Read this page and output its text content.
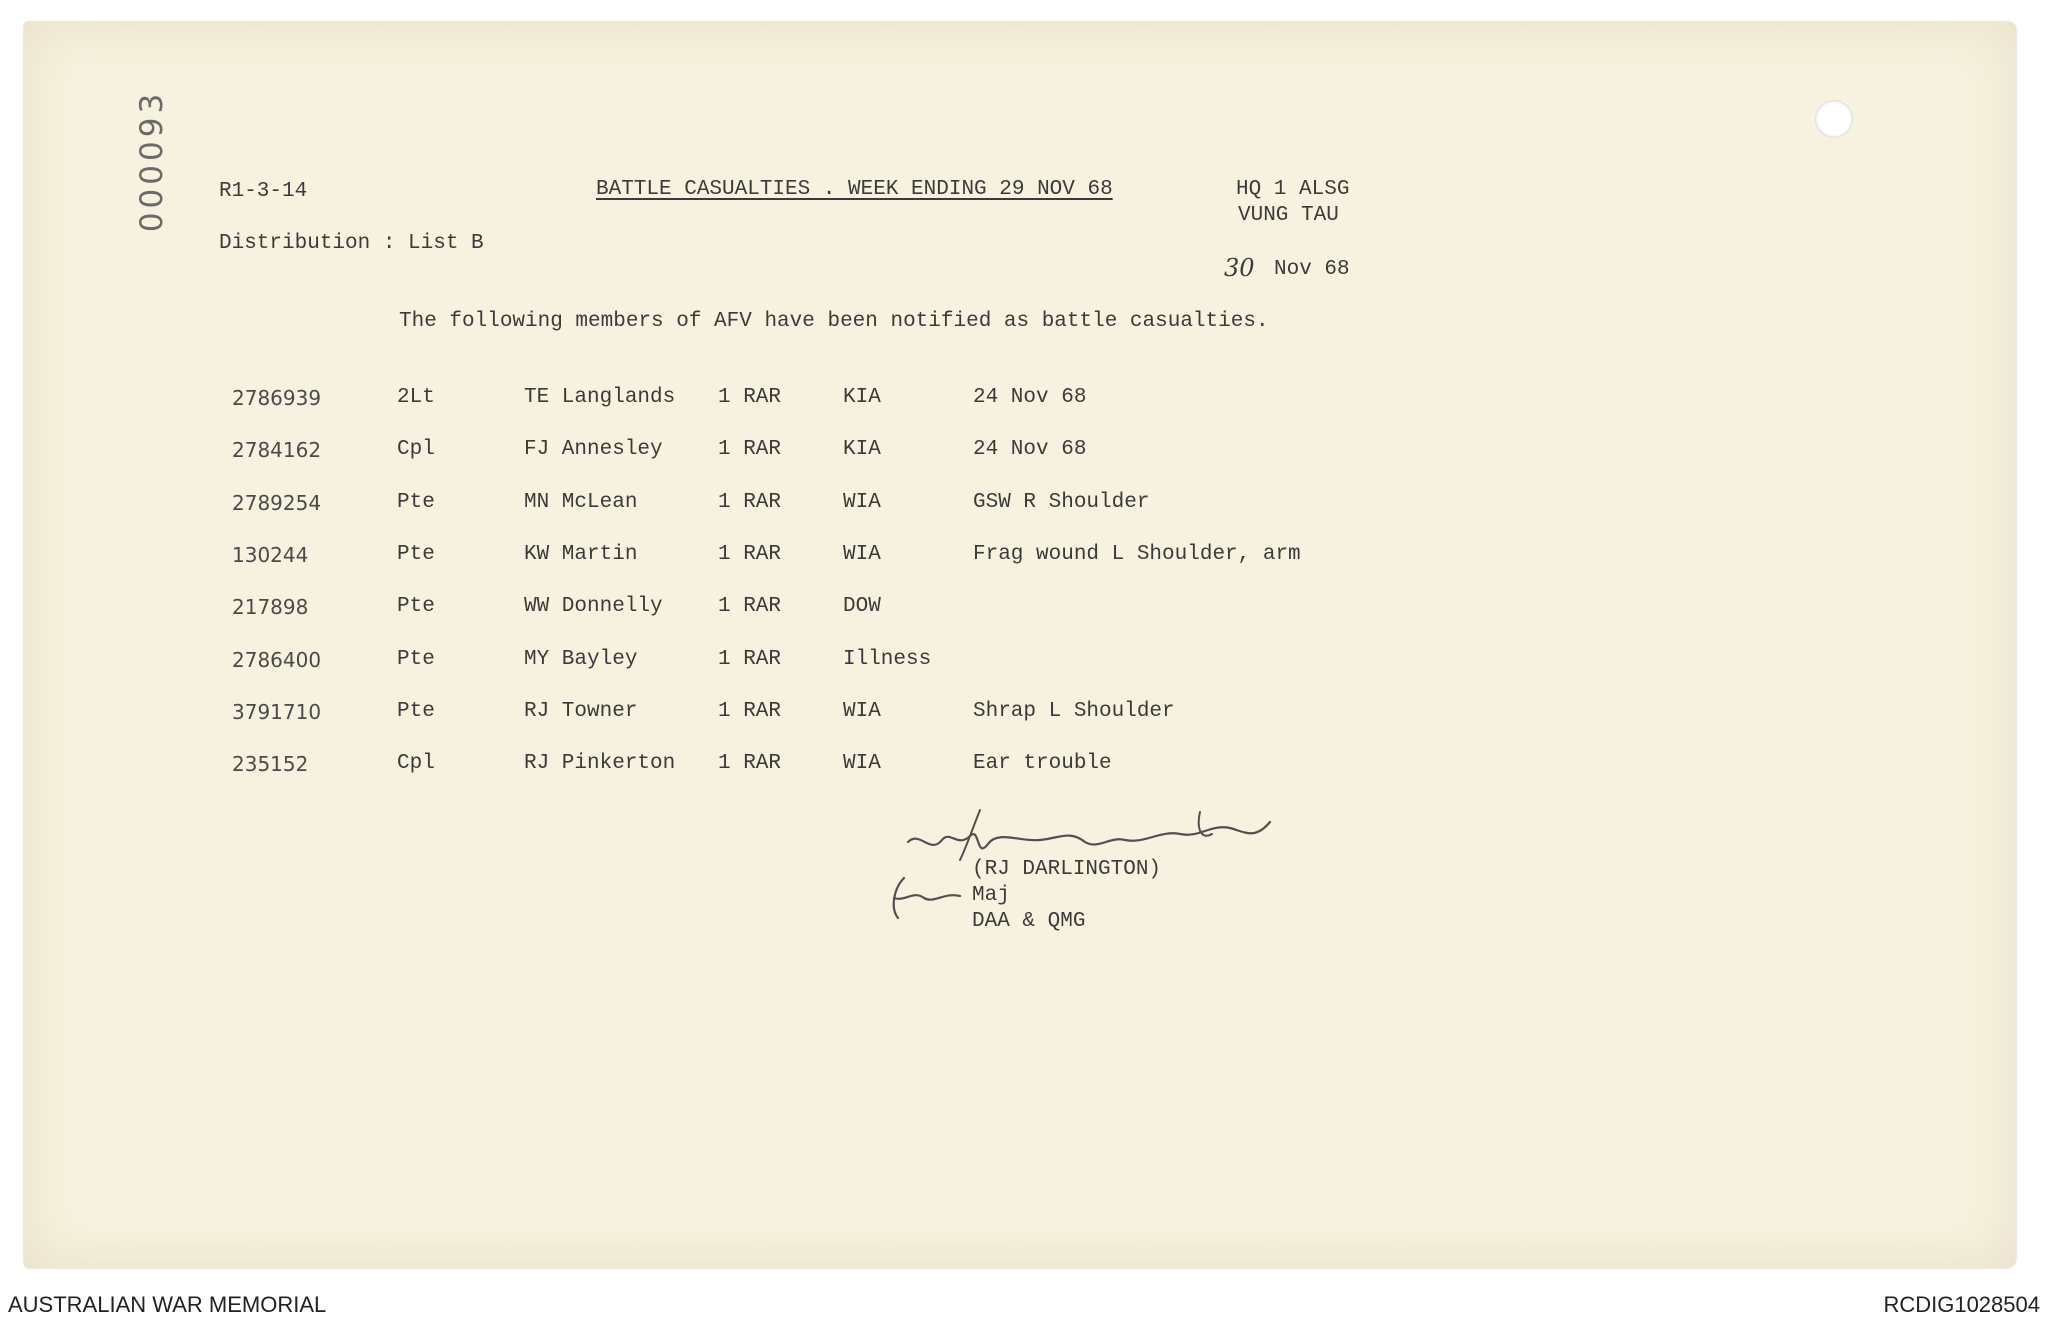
000093	R1-3-14	BATTLE CASUALTIES . WEEK ENDING 29 NOV 68	HQ 1 ALSG
VUNG TAU
30 Nov 68
Distribution : List B
The following members of AFV have been notified as battle casualties.
2786939	2Lt	TE Langlands 1 RAR	KIA	24 Nov 68
2784162	Cpl	FJ Annesley	1 RAR	KIA	24 Nov 68
2789254	Pte	MN McLean	1 RAR	WIA	GSW R Shoulder
130244	Pte	KW Martin	1 RAR	WIA	Frag wound L Shoulder, arm
217898	Pte	WW Donnelly	1 RAR	DOW
2786400	Pte	MY Bayley	1 RAR	Illness
3791710	Pte	RJ Towner	1 RAR	WIA	Shrap L Shoulder
235152	Cpl	RJ Pinkerton 1 RAR	WIA	Ear trouble
(RJ DARLINGTON)
Maj
DAA & QMG
AUSTRALIAN WAR MEMORIAL	RCDIG1028504
